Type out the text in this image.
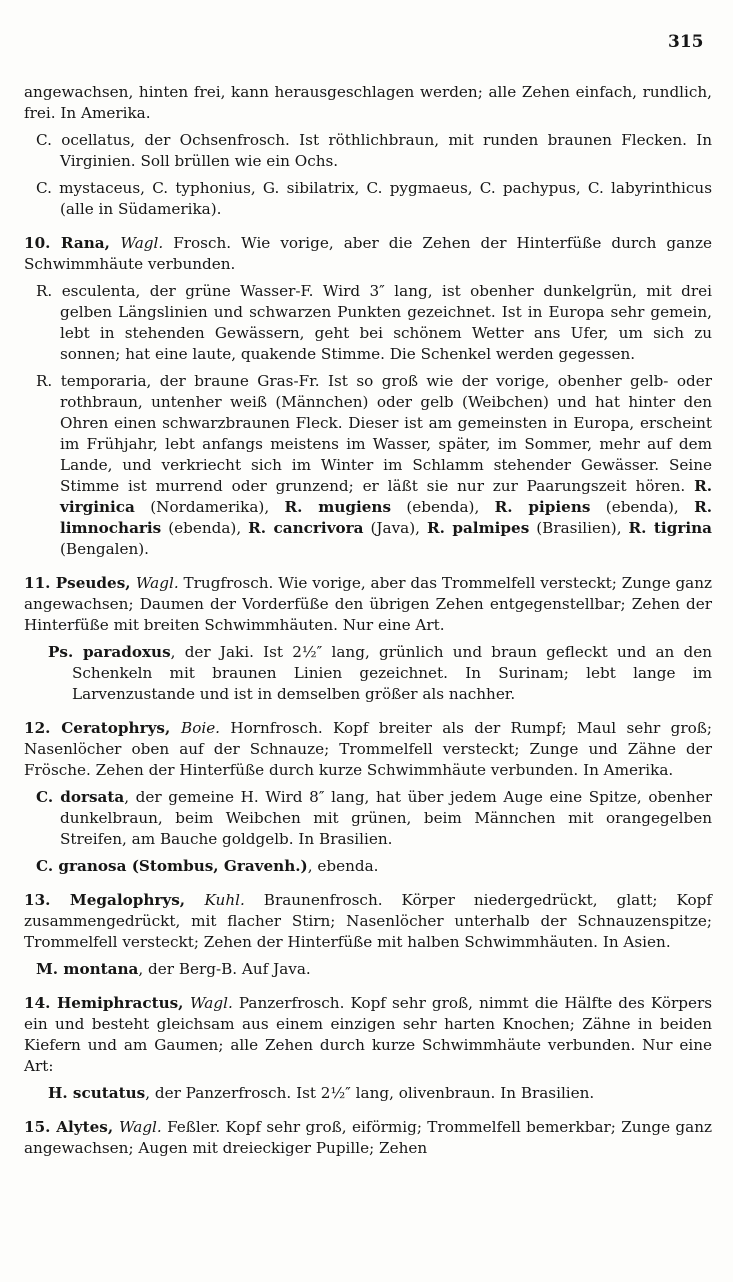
315

angewachsen, hinten frei, kann herausgeschlagen werden; alle Zehen einfach, rundlich, frei. In Amerika.

C. ocellatus, der Ochsenfrosch. Ist röthlichbraun, mit runden braunen Flecken. In Virginien. Soll brüllen wie ein Ochs.

C. mystaceus, C. typhonius, G. sibilatrix, C. pygmaeus, C. pachypus, C. labyrinthicus (alle in Südamerika).

10. Rana, Wagl. Frosch. Wie vorige, aber die Zehen der Hinterfüße durch ganze Schwimmhäute verbunden.

R. esculenta, der grüne Wasser-F. Wird 3″ lang, ist obenher dunkelgrün, mit drei gelben Längslinien und schwarzen Punkten gezeichnet. Ist in Europa sehr gemein, lebt in stehenden Gewässern, geht bei schönem Wetter ans Ufer, um sich zu sonnen; hat eine laute, quakende Stimme. Die Schenkel werden gegessen.

R. temporaria, der braune Gras-Fr. Ist so groß wie der vorige, obenher gelb- oder rothbraun, untenher weiß (Männchen) oder gelb (Weibchen) und hat hinter den Ohren einen schwarzbraunen Fleck. Dieser ist am gemeinsten in Europa, erscheint im Frühjahr, lebt anfangs meistens im Wasser, später, im Sommer, mehr auf dem Lande, und verkriecht sich im Winter im Schlamm stehender Gewässer. Seine Stimme ist murrend oder grunzend; er läßt sie nur zur Paarungszeit hören. R. virginica (Nordamerika), R. mugiens (ebenda), R. pipiens (ebenda), R. limnocharis (ebenda), R. cancrivora (Java), R. palmipes (Brasilien), R. tigrina (Bengalen).

11. Pseudes, Wagl. Trugfrosch. Wie vorige, aber das Trommelfell versteckt; Zunge ganz angewachsen; Daumen der Vorderfüße den übrigen Zehen entgegenstellbar; Zehen der Hinterfüße mit breiten Schwimmhäuten. Nur eine Art.

Ps. paradoxus, der Jaki. Ist 2½″ lang, grünlich und braun gefleckt und an den Schenkeln mit braunen Linien gezeichnet. In Surinam; lebt lange im Larvenzustande und ist in demselben größer als nachher.

12. Ceratophrys, Boie. Hornfrosch. Kopf breiter als der Rumpf; Maul sehr groß; Nasenlöcher oben auf der Schnauze; Trommelfell versteckt; Zunge und Zähne der Frösche. Zehen der Hinterfüße durch kurze Schwimmhäute verbunden. In Amerika.

C. dorsata, der gemeine H. Wird 8″ lang, hat über jedem Auge eine Spitze, obenher dunkelbraun, beim Weibchen mit grünen, beim Männchen mit orangegelben Streifen, am Bauche goldgelb. In Brasilien.

C. granosa (Stombus, Gravenh.), ebenda.

13. Megalophrys, Kuhl. Braunenfrosch. Körper niedergedrückt, glatt; Kopf zusammengedrückt, mit flacher Stirn; Nasenlöcher unterhalb der Schnauzenspitze; Trommelfell versteckt; Zehen der Hinterfüße mit halben Schwimmhäuten. In Asien.

M. montana, der Berg-B. Auf Java.

14. Hemiphractus, Wagl. Panzerfrosch. Kopf sehr groß, nimmt die Hälfte des Körpers ein und besteht gleichsam aus einem einzigen sehr harten Knochen; Zähne in beiden Kiefern und am Gaumen; alle Zehen durch kurze Schwimmhäute verbunden. Nur eine Art:

H. scutatus, der Panzerfrosch. Ist 2½″ lang, olivenbraun. In Brasilien.

15. Alytes, Wagl. Feßler. Kopf sehr groß, eiförmig; Trommelfell bemerkbar; Zunge ganz angewachsen; Augen mit dreieckiger Pupille; Zehen
